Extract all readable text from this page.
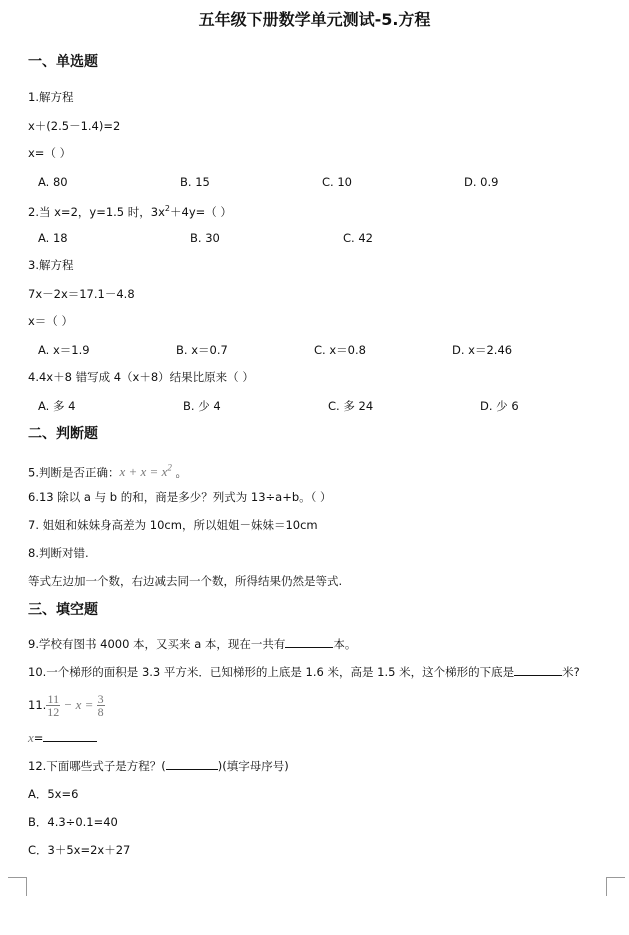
五年级下册数学单元测试-5.方程
一、单选题
1.解方程
x＋(2.5－1.4)=2
x=（ ）
A. 80	B. 15	C. 10	D. 0.9
2.当 x=2，y=1.5 时，$3x^2+4y=$（ ）
A. 18	B. 30	C. 42
3.解方程
7x－2x＝17.1－4.8
x＝（ ）
A. x＝1.9	B. x＝0.7	C. x＝0.8	D. x＝2.46
4.4x＋8 错写成 4（x＋8）结果比原来（ ）
A. 多 4	B. 少 4	C. 多 24	D. 少 6
二、判断题
5.判断是否正确：$x + x = x^2$ 。
6.13 除以 a 与 b 的和，商是多少？列式为 13÷a+b。（ ）
7. 姐姐和妹妹身高差为 10cm，所以姐姐－妹妹＝10cm
8.判断对错.
等式左边加一个数，右边减去同一个数，所得结果仍然是等式.
三、填空题
9.学校有图书 4000 本，又买来 a 本，现在一共有	本。
10.一个梯形的面积是 3.3 平方米．已知梯形的上底是 1.6 米，高是 1.5 米，这个梯形的下底是	米?
11. $\frac{11}{12} - x = \frac{3}{8}$
x=
12.下面哪些式子是方程？(	)(填字母序号)
A．5x=6
B．4.3÷0.1=40
C．3＋5x=2x＋27
